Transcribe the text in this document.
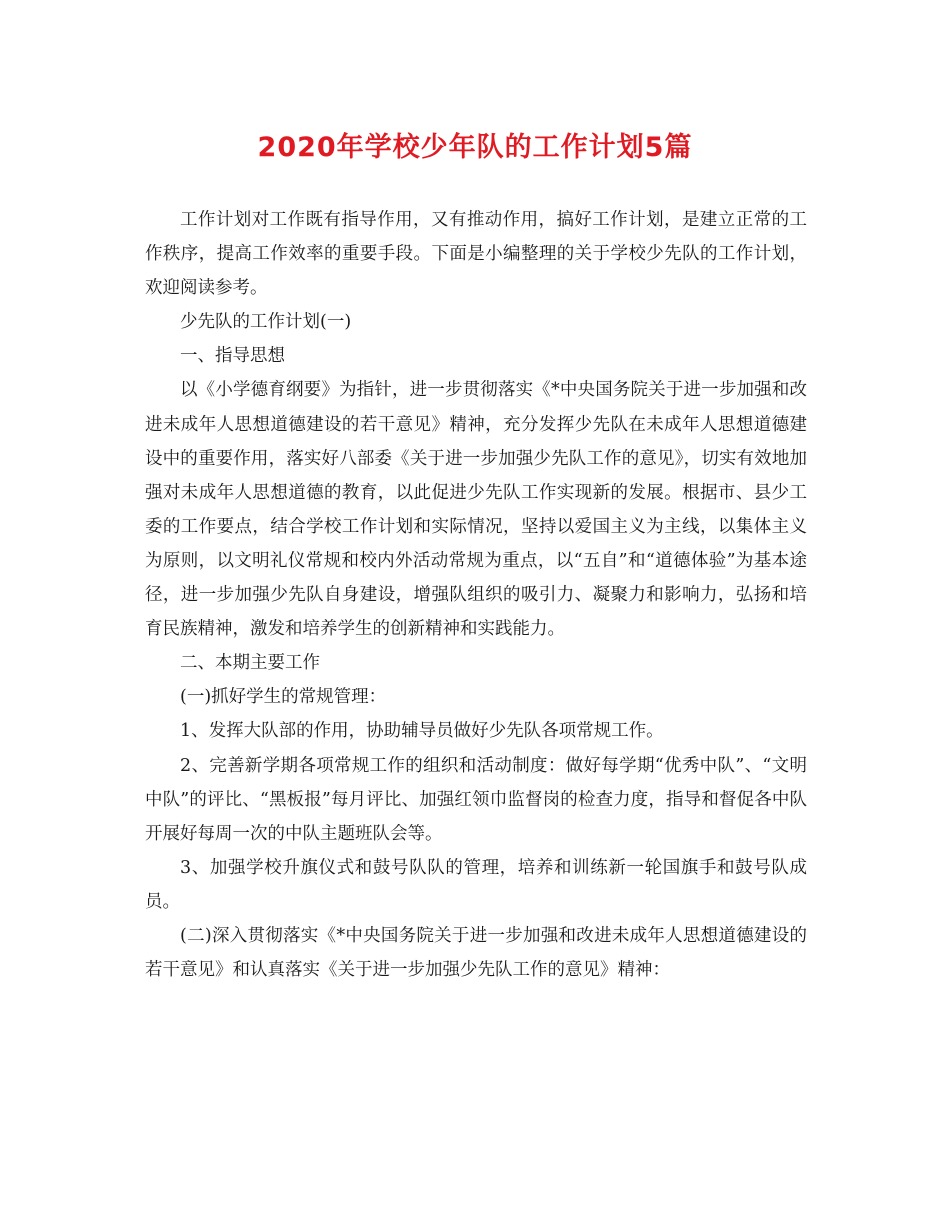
2020年学校少年队的工作计划5篇

工作计划对工作既有指导作用，又有推动作用，搞好工作计划，是建立正常的工作秩序，提高工作效率的重要手段。下面是小编整理的关于学校少先队的工作计划，欢迎阅读参考。

少先队的工作计划(一)

一、指导思想

以《小学德育纲要》为指针，进一步贯彻落实《*中央国务院关于进一步加强和改进未成年人思想道德建设的若干意见》精神，充分发挥少先队在未成年人思想道德建设中的重要作用，落实好八部委《关于进一步加强少先队工作的意见》，切实有效地加强对未成年人思想道德的教育，以此促进少先队工作实现新的发展。根据市、县少工委的工作要点，结合学校工作计划和实际情况，坚持以爱国主义为主线，以集体主义为原则，以文明礼仪常规和校内外活动常规为重点，以“五自”和“道德体验”为基本途径，进一步加强少先队自身建设，增强队组织的吸引力、凝聚力和影响力，弘扬和培育民族精神，激发和培养学生的创新精神和实践能力。

二、本期主要工作

(一)抓好学生的常规管理：

1、发挥大队部的作用，协助辅导员做好少先队各项常规工作。

2、完善新学期各项常规工作的组织和活动制度：做好每学期“优秀中队”、“文明中队”的评比、“黑板报”每月评比、加强红领巾监督岗的检查力度，指导和督促各中队开展好每周一次的中队主题班队会等。

3、加强学校升旗仪式和鼓号队队的管理，培养和训练新一轮国旗手和鼓号队成员。

(二)深入贯彻落实《*中央国务院关于进一步加强和改进未成年人思想道德建设的若干意见》和认真落实《关于进一步加强少先队工作的意见》精神：
